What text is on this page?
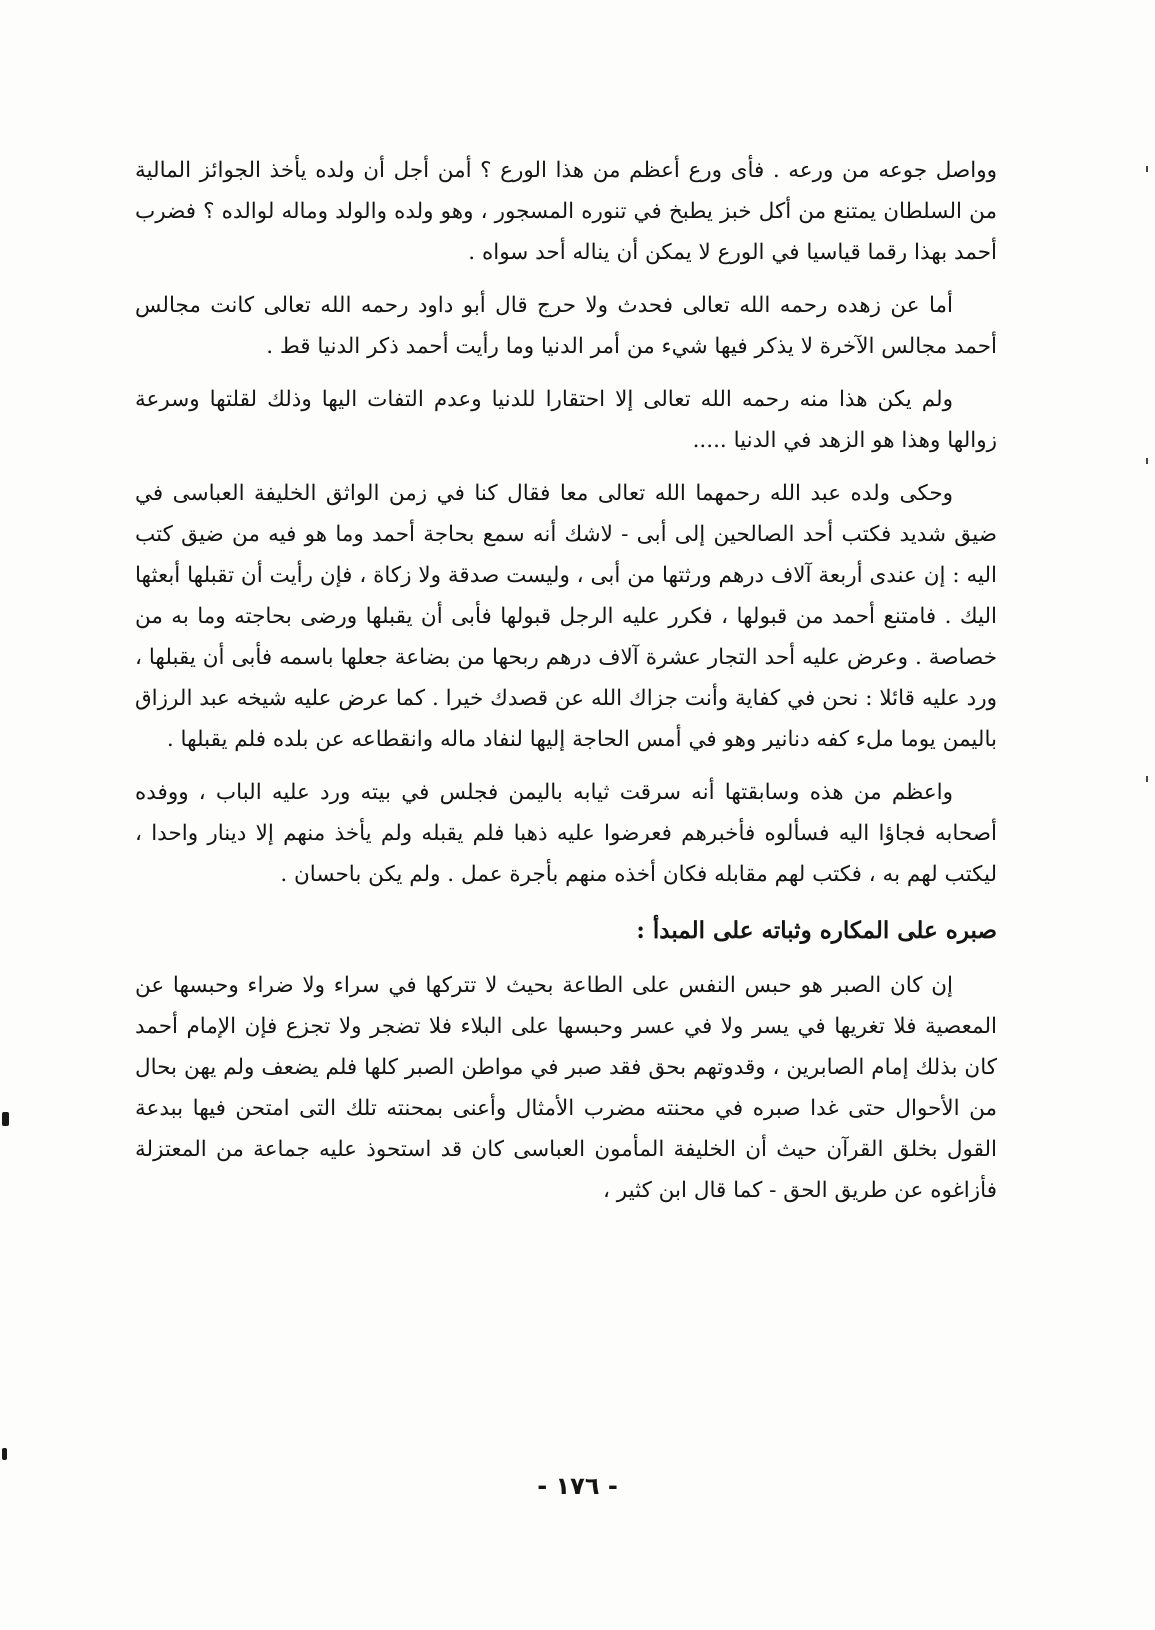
وواصل جوعه من ورعه . فأى ورع أعظم من هذا الورع ؟ أمن أجل أن ولده يأخذ الجوائز المالية من السلطان يمتنع من أكل خبز يطبخ في تنوره المسجور ، وهو ولده والولد وماله لوالده ؟ فضرب أحمد بهذا رقما قياسيا في الورع لا يمكن أن يناله أحد سواه .

أما عن زهده رحمه الله تعالى فحدث ولا حرج قال أبو داود رحمه الله تعالى كانت مجالس أحمد مجالس الآخرة لا يذكر فيها شيء من أمر الدنيا وما رأيت أحمد ذكر الدنيا قط .

ولم يكن هذا منه رحمه الله تعالى إلا احتقارا للدنيا وعدم التفات اليها وذلك لقلتها وسرعة زوالها وهذا هو الزهد في الدنيا .....

وحكى ولده عبد الله رحمهما الله تعالى معا فقال كنا في زمن الواثق الخليفة العباسى في ضيق شديد فكتب أحد الصالحين إلى أبى - لاشك أنه سمع بحاجة أحمد وما هو فيه من ضيق كتب اليه : إن عندى أربعة آلاف درهم ورثتها من أبى ، وليست صدقة ولا زكاة ، فإن رأيت أن تقبلها أبعثها اليك . فامتنع أحمد من قبولها ، فكرر عليه الرجل قبولها فأبى أن يقبلها ورضى بحاجته وما به من خصاصة . وعرض عليه أحد التجار عشرة آلاف درهم ربحها من بضاعة جعلها باسمه فأبى أن يقبلها ، ورد عليه قائلا : نحن في كفاية وأنت جزاك الله عن قصدك خيرا . كما عرض عليه شيخه عبد الرزاق باليمن يوما ملء كفه دنانير وهو في أمس الحاجة إليها لنفاد ماله وانقطاعه عن بلده فلم يقبلها .

واعظم من هذه وسابقتها أنه سرقت ثيابه باليمن فجلس في بيته ورد عليه الباب ، ووفده أصحابه فجاؤا اليه فسألوه فأخبرهم فعرضوا عليه ذهبا فلم يقبله ولم يأخذ منهم إلا دينار واحدا ، ليكتب لهم به ، فكتب لهم مقابله فكان أخذه منهم بأجرة عمل . ولم يكن باحسان .

صبره على المكاره وثباته على المبدأ :

إن كان الصبر هو حبس النفس على الطاعة بحيث لا تتركها في سراء ولا ضراء وحبسها عن المعصية فلا تغريها في يسر ولا في عسر وحبسها على البلاء فلا تضجر ولا تجزع فإن الإمام أحمد كان بذلك إمام الصابرين ، وقدوتهم بحق فقد صبر في مواطن الصبر كلها فلم يضعف ولم يهن بحال من الأحوال حتى غدا صبره في محنته مضرب الأمثال وأعنى بمحنته تلك التى امتحن فيها ببدعة القول بخلق القرآن حيث أن الخليفة المأمون العباسى كان قد استحوذ عليه جماعة من المعتزلة فأزاغوه عن طريق الحق - كما قال ابن كثير ،

- ١٧٦ -
